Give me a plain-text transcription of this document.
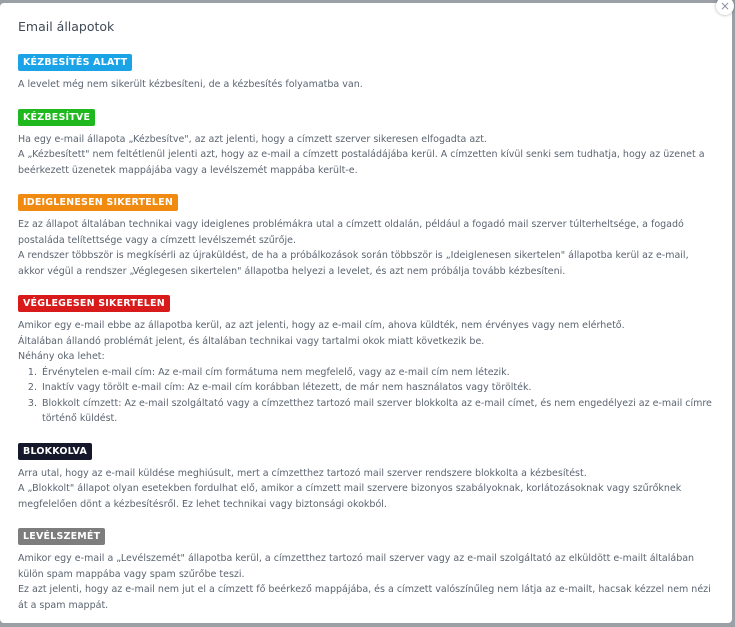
×
Email állapotok
KÉZBESÍTÉS ALATT

A levelet még nem sikerült kézbesíteni, de a kézbesítés folyamatba van.

KÉZBESÍTVE

Ha egy e-mail állapota „Kézbesítve", az azt jelenti, hogy a címzett szerver sikeresen elfogadta azt.

A „Kézbesített" nem feltétlenül jelenti azt, hogy az e-mail a címzett postaládájába kerül. A címzetten kívül senki sem tudhatja, hogy az üzenet a beérkezett üzenetek mappájába vagy a levélszemét mappába került-e.

IDEIGLENESEN SIKERTELEN

Ez az állapot általában technikai vagy ideiglenes problémákra utal a címzett oldalán, például a fogadó mail szerver túlterheltsége, a fogadó postaláda telítettsége vagy a címzett levélszemét szűrője.

A rendszer többször is megkísérli az újraküldést, de ha a próbálkozások során többször is „Ideiglenesen sikertelen" állapotba kerül az e-mail, akkor végül a rendszer „Véglegesen sikertelen" állapotba helyezi a levelet, és azt nem próbálja tovább kézbesíteni.

VÉGLEGESEN SIKERTELEN

Amikor egy e-mail ebbe az állapotba kerül, az azt jelenti, hogy az e-mail cím, ahova küldték, nem érvényes vagy nem elérhető.

Általában állandó problémát jelent, és általában technikai vagy tartalmi okok miatt következik be.

Néhány oka lehet:

1. Érvénytelen e-mail cím: Az e-mail cím formátuma nem megfelelő, vagy az e-mail cím nem létezik.
2. Inaktív vagy törölt e-mail cím: Az e-mail cím korábban létezett, de már nem használatos vagy törölték.
3. Blokkolt címzett: Az e-mail szolgáltató vagy a címzetthez tartozó mail szerver blokkolta az e-mail címet, és nem engedélyezi az e-mail címre történő küldést.
BLOKKOLVA

Arra utal, hogy az e-mail küldése meghiúsult, mert a címzetthez tartozó mail szerver rendszere blokkolta a kézbesítést.

A „Blokkolt" állapot olyan esetekben fordulhat elő, amikor a címzett mail szervere bizonyos szabályoknak, korlátozásoknak vagy szűrőknek megfelelően dönt a kézbesítésről. Ez lehet technikai vagy biztonsági okokból.

LEVÉLSZEMÉT

Amikor egy e-mail a „Levélszemét" állapotba kerül, a címzetthez tartozó mail szerver vagy az e-mail szolgáltató az elküldött e-mailt általában külön spam mappába vagy spam szűrőbe teszi.

Ez azt jelenti, hogy az e-mail nem jut el a címzett fő beérkező mappájába, és a címzett valószínűleg nem látja az e-mailt, hacsak kézzel nem nézi át a spam mappát.
